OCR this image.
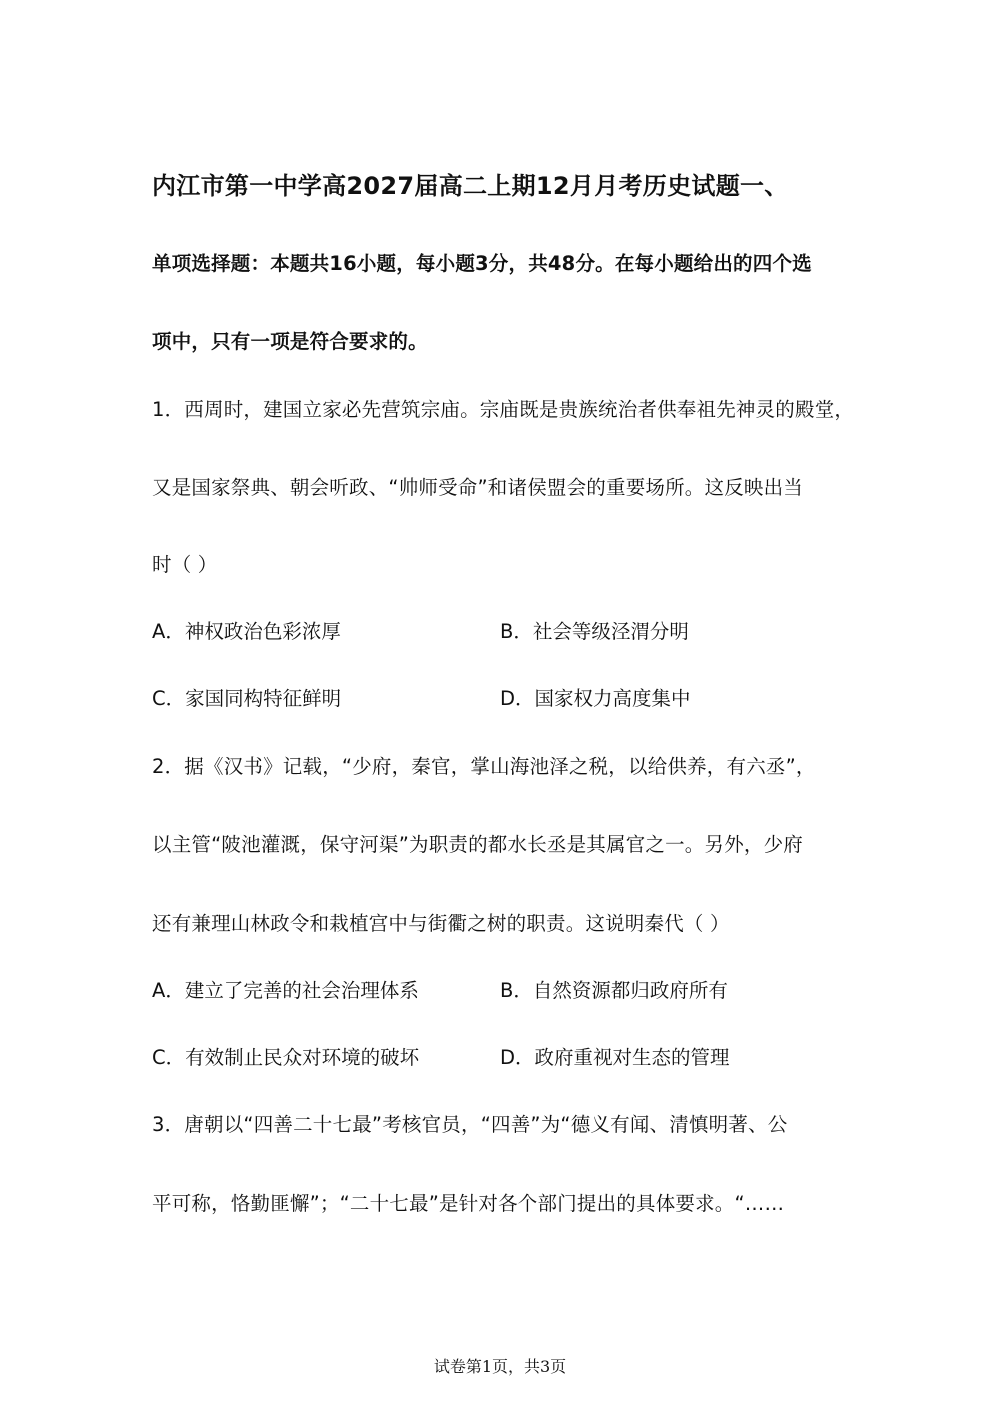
内江市第一中学高2027届高二上期12月月考历史试题一、
单项选择题：本题共16小题，每小题3分，共48分。在每小题给出的四个选
项中，只有一项是符合要求的。
1．西周时，建国立家必先营筑宗庙。宗庙既是贵族统治者供奉祖先神灵的殿堂，
又是国家祭典、朝会听政、“帅师受命”和诸侯盟会的重要场所。这反映出当
时（ ）
A．神权政治色彩浓厚	B．社会等级泾渭分明
C．家国同构特征鲜明	D．国家权力高度集中
2．据《汉书》记载，“少府，秦官，掌山海池泽之税，以给供养，有六丞”，
以主管“陂池灌溉，保守河渠”为职责的都水长丞是其属官之一。另外，少府
还有兼理山林政令和栽植宫中与街衢之树的职责。这说明秦代（ ）
A．建立了完善的社会治理体系	B．自然资源都归政府所有
C．有效制止民众对环境的破坏	D．政府重视对生态的管理
3．唐朝以“四善二十七最”考核官员，“四善”为“德义有闻、清慎明著、公
平可称，恪勤匪懈”；“二十七最”是针对各个部门提出的具体要求。“……
试卷第1页，共3页
